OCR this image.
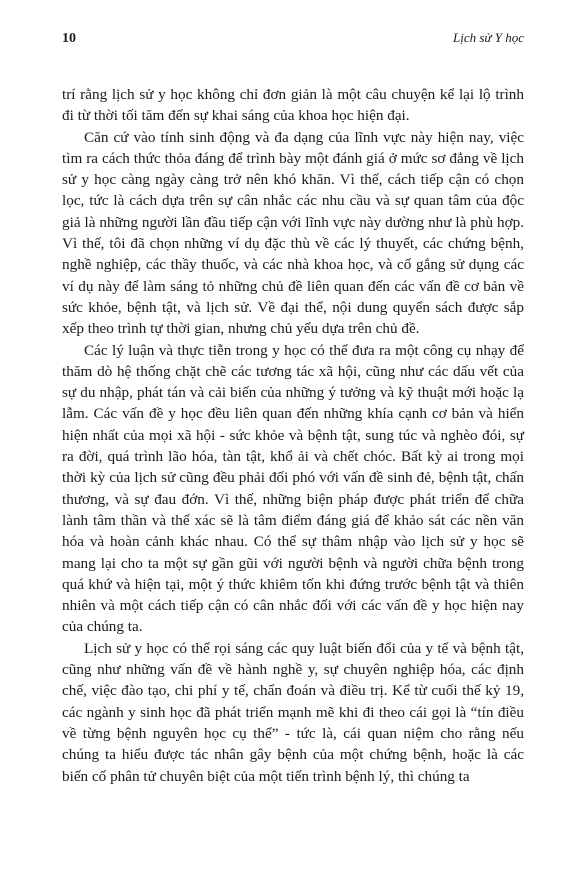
10	Lịch sử Y học

trí rằng lịch sử y học không chỉ đơn giản là một câu chuyện kể lại lộ trình đi từ thời tối tăm đến sự khai sáng của khoa học hiện đại.

Căn cứ vào tính sinh động và đa dạng của lĩnh vực này hiện nay, việc tìm ra cách thức thỏa đáng để trình bày một đánh giá ở mức sơ đẳng về lịch sử y học càng ngày càng trở nên khó khăn. Vì thế, cách tiếp cận có chọn lọc, tức là cách dựa trên sự cân nhắc các nhu cầu và sự quan tâm của độc giả là những người lần đầu tiếp cận với lĩnh vực này dường như là phù hợp. Vì thế, tôi đã chọn những ví dụ đặc thù về các lý thuyết, các chứng bệnh, nghề nghiệp, các thầy thuốc, và các nhà khoa học, và cố gắng sử dụng các ví dụ này để làm sáng tỏ những chủ đề liên quan đến các vấn đề cơ bản về sức khỏe, bệnh tật, và lịch sử. Về đại thể, nội dung quyển sách được sắp xếp theo trình tự thời gian, nhưng chủ yếu dựa trên chủ đề.

Các lý luận và thực tiễn trong y học có thể đưa ra một công cụ nhạy để thăm dò hệ thống chặt chẽ các tương tác xã hội, cũng như các dấu vết của sự du nhập, phát tán và cải biến của những ý tưởng và kỹ thuật mới hoặc lạ lẫm. Các vấn đề y học đều liên quan đến những khía cạnh cơ bản và hiển hiện nhất của mọi xã hội - sức khỏe và bệnh tật, sung túc và nghèo đói, sự ra đời, quá trình lão hóa, tàn tật, khổ ải và chết chóc. Bất kỳ ai trong mọi thời kỳ của lịch sử cũng đều phải đối phó với vấn đề sinh đẻ, bệnh tật, chấn thương, và sự đau đớn. Vì thế, những biện pháp được phát triển để chữa lành tâm thần và thể xác sẽ là tâm điểm đáng giá để khảo sát các nền văn hóa và hoàn cảnh khác nhau. Có thể sự thâm nhập vào lịch sử y học sẽ mang lại cho ta một sự gần gũi với người bệnh và người chữa bệnh trong quá khứ và hiện tại, một ý thức khiêm tốn khi đứng trước bệnh tật và thiên nhiên và một cách tiếp cận có cân nhắc đối với các vấn đề y học hiện nay của chúng ta.

Lịch sử y học có thể rọi sáng các quy luật biến đổi của y tế và bệnh tật, cũng như những vấn đề về hành nghề y, sự chuyên nghiệp hóa, các định chế, việc đào tạo, chi phí y tế, chẩn đoán và điều trị. Kể từ cuối thế kỷ 19, các ngành y sinh học đã phát triển mạnh mẽ khi đi theo cái gọi là “tín điều về từng bệnh nguyên học cụ thể” - tức là, cái quan niệm cho rằng nếu chúng ta hiểu được tác nhân gây bệnh của một chứng bệnh, hoặc là các biến cố phân tử chuyên biệt của một tiến trình bệnh lý, thì chúng ta
